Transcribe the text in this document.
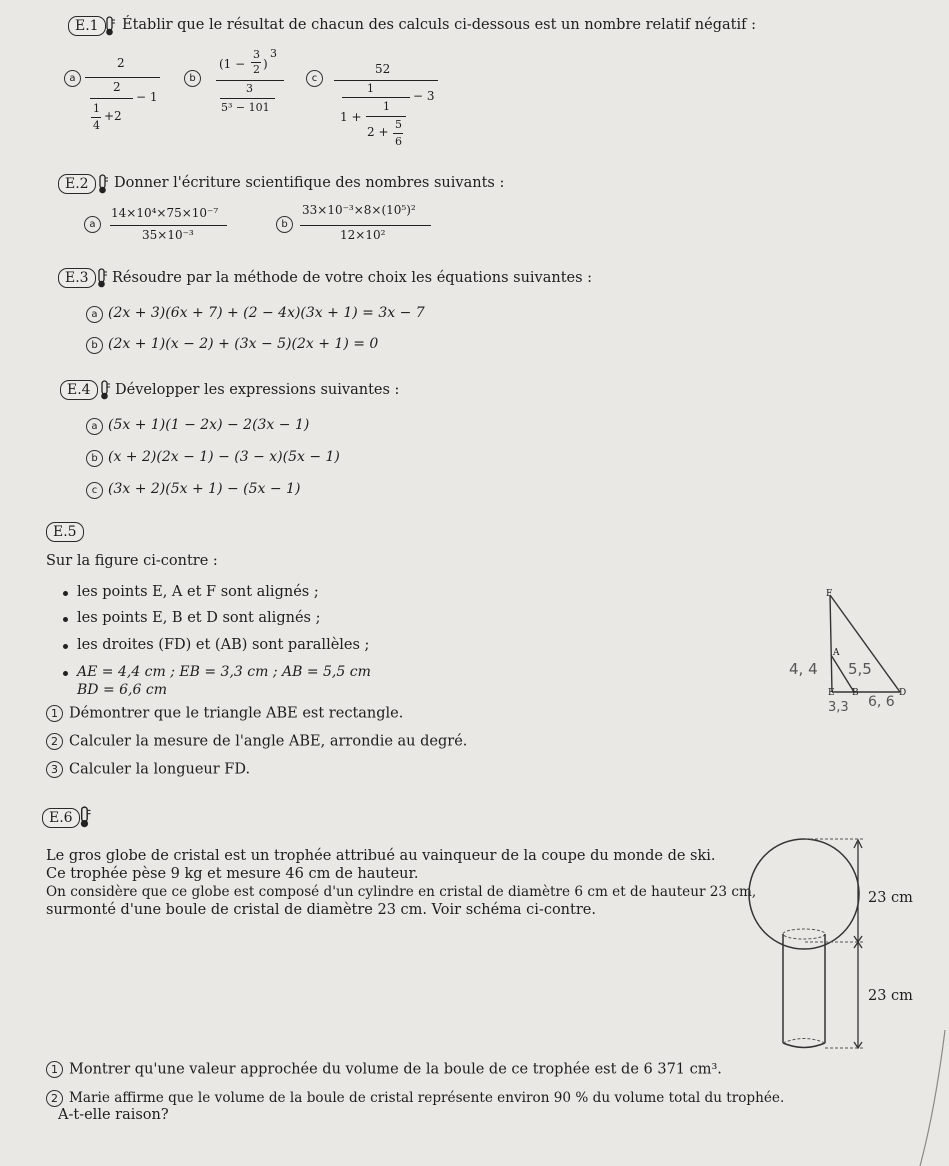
E.1	Établir que le résultat de chacun des calculs ci-dessous est un nombre relatif négatif :
a
2
2
− 1
1
4
+2
b
(1 −
3
2 )
3
3
5³ − 101
c
52
1
− 3
1 +
1
2 +
5
6
E.2	Donner l'écriture scientifique des nombres suivants :
a
14×10⁴×75×10⁻⁷
35×10⁻³
b
33×10⁻³×8×(10⁵)²
12×10²
E.3	Résoudre par la méthode de votre choix les équations suivantes :
a (2x + 3)(6x + 7) + (2 − 4x)(3x + 1) = 3x − 7
b (2x + 1)(x − 2) + (3x − 5)(2x + 1) = 0
E.4	Développer les expressions suivantes :
a (5x + 1)(1 − 2x) − 2(3x − 1)
b (x + 2)(2x − 1) − (3 − x)(5x − 1)
c (3x + 2)(5x + 1) − (5x − 1)
E.5
Sur la figure ci-contre :
les points E, A et F sont alignés ;
les points E, B et D sont alignés ;
les droites (FD) et (AB) sont parallèles ;
AE = 4,4 cm ; EB = 3,3 cm ; AB = 5,5 cm
BD = 6,6 cm
1 Démontrer que le triangle ABE est rectangle.
2 Calculer la mesure de l'angle ABE, arrondie au degré.
3 Calculer la longueur FD.
F
A
E B	D
4, 4 5,5
3,3 6, 6
E.6
Le gros globe de cristal est un trophée attribué au vainqueur de la coupe du monde de ski.
Ce trophée pèse 9 kg et mesure 46 cm de hauteur.
On considère que ce globe est composé d'un cylindre en cristal de diamètre 6 cm et de hauteur 23 cm,
surmonté d'une boule de cristal de diamètre 23 cm. Voir schéma ci-contre.
23 cm
23 cm
1 Montrer qu'une valeur approchée du volume de la boule de ce trophée est de 6 371 cm³.
2 Marie affirme que le volume de la boule de cristal représente environ 90 % du volume total du trophée.
A-t-elle raison?
